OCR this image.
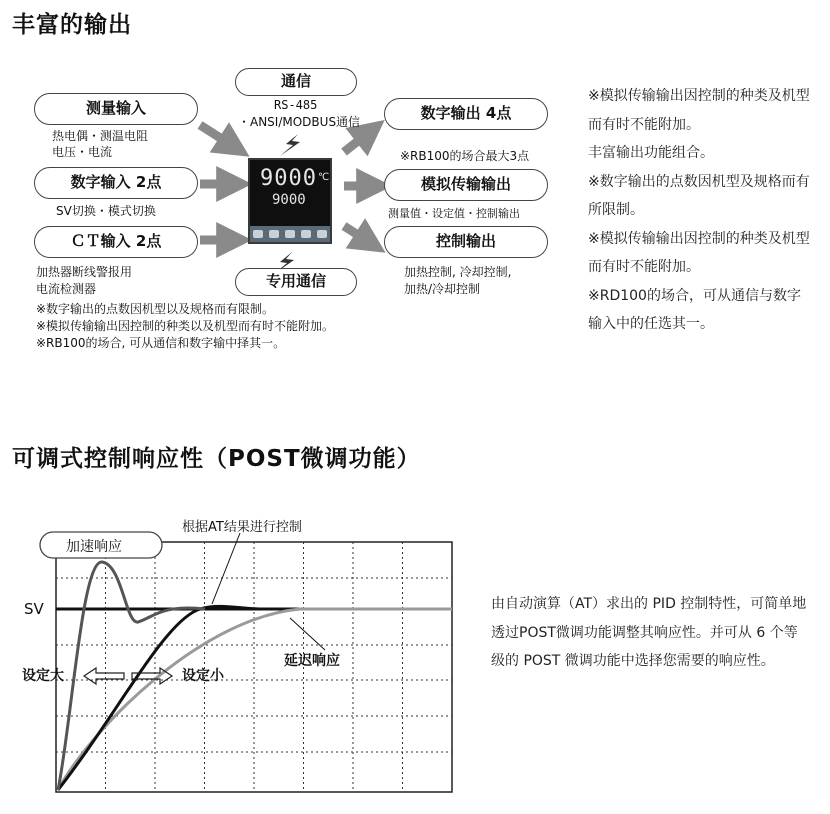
丰富的输出
测量输入
热电偶・测温电阻
电压・电流
数字输入 2点
SV切换・模式切换
ＣＴ输入 2点
加热器断线警报用
电流检测器
通信
RS-485
・ANSI/MODBUS通信
9000 ℃
9000
专用通信
数字输出 4点
※RB100的场合最大3点
模拟传输输出
测量值・设定值・控制输出
控制输出
加热控制, 冷却控制,
加热/冷却控制
※数字输出的点数因机型以及规格而有限制。
※模拟传输输出因控制的种类以及机型而有时不能附加。
※RB100的场合, 可从通信和数字输中择其一。

※模拟传输输出因控制的种类及机型而有时不能附加。

丰富输出功能组合。

※数字输出的点数因机型及规格而有所限制。

※模拟传输输出因控制的种类及机型而有时不能附加。

※RD100的场合，可从通信与数字输入中的任选其一。

可调式控制响应性（POST微调功能）
根据AT结果进行控制
加速响应
SV
设定大	设定小
延迟响应
由自动演算（AT）求出的 PID 控制特性，可简单地透过POST微调功能调整其响应性。并可从 6 个等级的 POST 微调功能中选择您需要的响应性。
